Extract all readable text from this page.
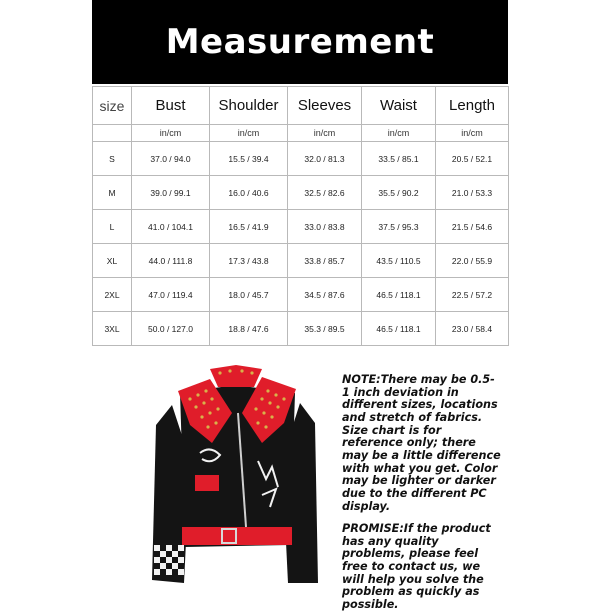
Measurement
size	Bust	Shoulder	Sleeves	Waist	Length
	in/cm	in/cm	in/cm	in/cm	in/cm
S	37.0 / 94.0	15.5 / 39.4	32.0 / 81.3	33.5 / 85.1	20.5 / 52.1
M	39.0 / 99.1	16.0 / 40.6	32.5 / 82.6	35.5 / 90.2	21.0 / 53.3
L	41.0 / 104.1	16.5 / 41.9	33.0 / 83.8	37.5 / 95.3	21.5 / 54.6
XL	44.0 / 111.8	17.3 / 43.8	33.8 / 85.7	43.5 / 110.5	22.0 / 55.9
2XL	47.0 / 119.4	18.0 / 45.7	34.5 / 87.6	46.5 / 118.1	22.5 / 57.2
3XL	50.0 / 127.0	18.8 / 47.6	35.3 / 89.5	46.5 / 118.1	23.0 / 58.4
NOTE:There may be 0.5-1 inch deviation in different sizes, locations and stretch of fabrics. Size chart is for reference only; there may be a little difference with what you get. Color may be lighter or darker due to the different PC display.
PROMISE:If the product has any quality problems, please feel free to contact us, we will help you solve the problem as quickly as possible.
